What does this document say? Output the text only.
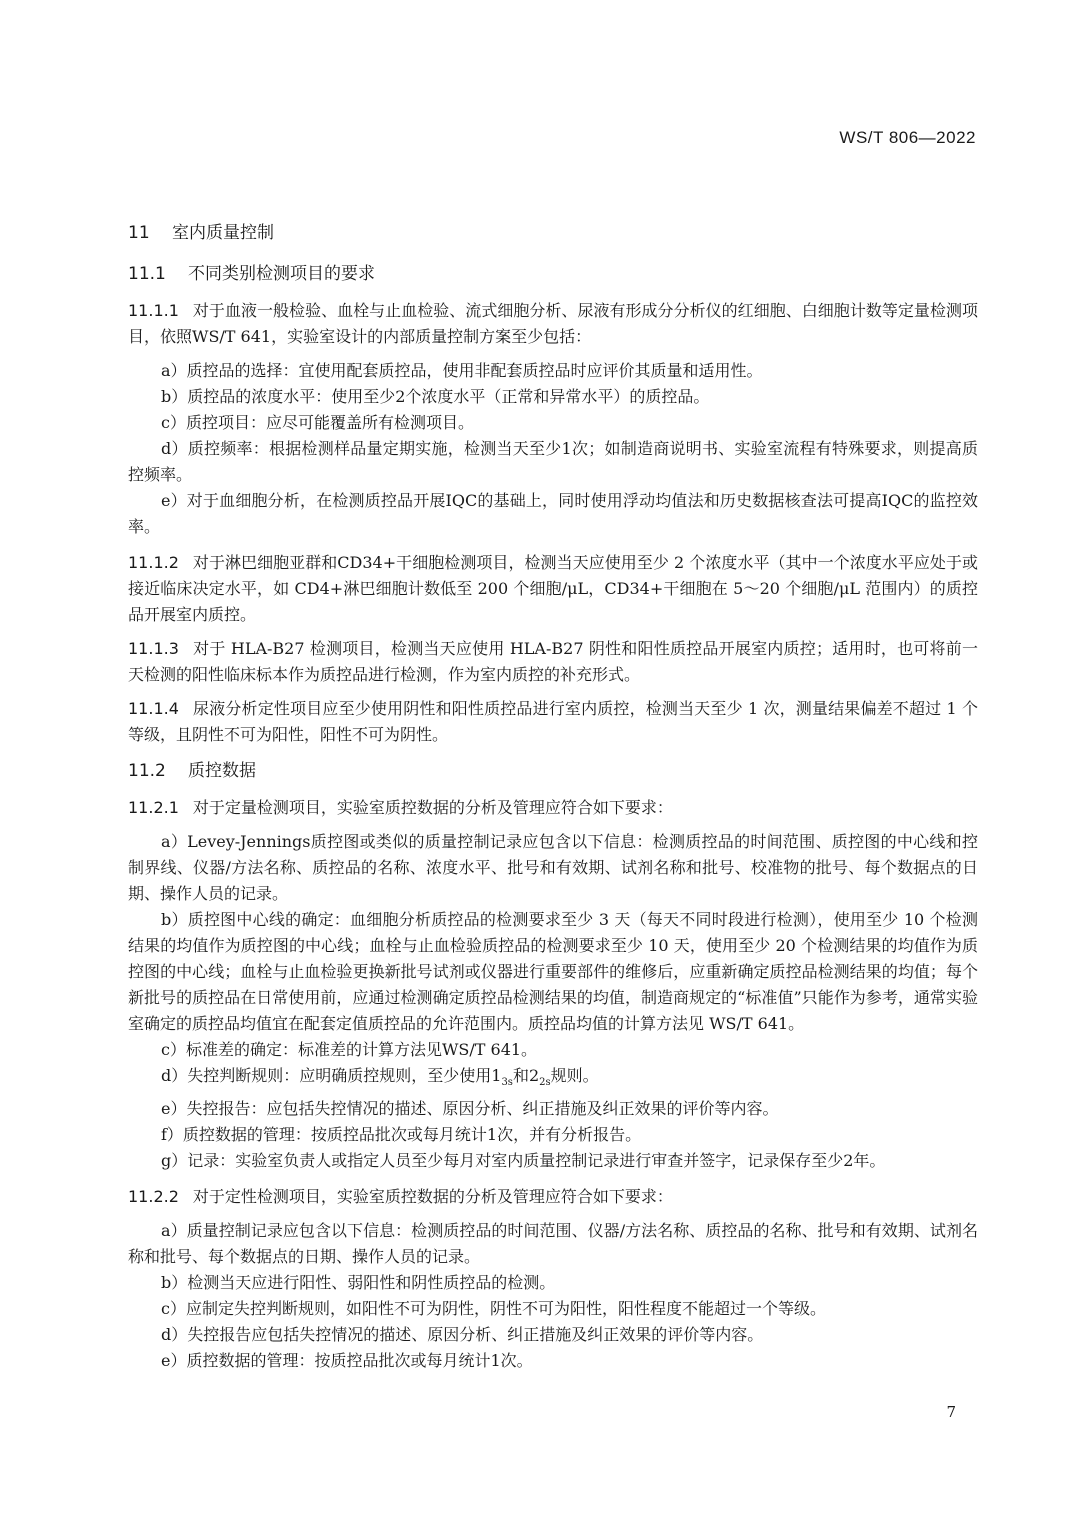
WS/T 806—2022
11 室内质量控制
11.1 不同类别检测项目的要求

11.1.1 对于血液一般检验、血栓与止血检验、流式细胞分析、尿液有形成分分析仪的红细胞、白细胞计数等定量检测项目，依照WS/T 641，实验室设计的内部质量控制方案至少包括：

a）质控品的选择：宜使用配套质控品，使用非配套质控品时应评价其质量和适用性。

b）质控品的浓度水平：使用至少2个浓度水平（正常和异常水平）的质控品。

c）质控项目：应尽可能覆盖所有检测项目。

d）质控频率：根据检测样品量定期实施，检测当天至少1次；如制造商说明书、实验室流程有特殊要求，则提高质控频率。

e）对于血细胞分析，在检测质控品开展IQC的基础上，同时使用浮动均值法和历史数据核查法可提高IQC的监控效率。

11.1.2 对于淋巴细胞亚群和CD34+干细胞检测项目，检测当天应使用至少 2 个浓度水平（其中一个浓度水平应处于或接近临床决定水平，如 CD4+淋巴细胞计数低至 200 个细胞/μL，CD34+干细胞在 5～20 个细胞/μL 范围内）的质控品开展室内质控。

11.1.3 对于 HLA-B27 检测项目，检测当天应使用 HLA-B27 阴性和阳性质控品开展室内质控；适用时，也可将前一天检测的阳性临床标本作为质控品进行检测，作为室内质控的补充形式。

11.1.4 尿液分析定性项目应至少使用阴性和阳性质控品进行室内质控，检测当天至少 1 次，测量结果偏差不超过 1 个等级，且阴性不可为阳性，阳性不可为阴性。

11.2 质控数据

11.2.1 对于定量检测项目，实验室质控数据的分析及管理应符合如下要求：

a）Levey-Jennings质控图或类似的质量控制记录应包含以下信息：检测质控品的时间范围、质控图的中心线和控制界线、仪器/方法名称、质控品的名称、浓度水平、批号和有效期、试剂名称和批号、校准物的批号、每个数据点的日期、操作人员的记录。

b）质控图中心线的确定：血细胞分析质控品的检测要求至少 3 天（每天不同时段进行检测），使用至少 10 个检测结果的均值作为质控图的中心线；血栓与止血检验质控品的检测要求至少 10 天，使用至少 20 个检测结果的均值作为质控图的中心线；血栓与止血检验更换新批号试剂或仪器进行重要部件的维修后，应重新确定质控品检测结果的均值；每个新批号的质控品在日常使用前，应通过检测确定质控品检测结果的均值，制造商规定的“标准值”只能作为参考，通常实验室确定的质控品均值宜在配套定值质控品的允许范围内。质控品均值的计算方法见 WS/T 641。

c）标准差的确定：标准差的计算方法见WS/T 641。

d）失控判断规则：应明确质控规则，至少使用$1_{3s}$和$2_{2s}$规则。

e）失控报告：应包括失控情况的描述、原因分析、纠正措施及纠正效果的评价等内容。

f）质控数据的管理：按质控品批次或每月统计1次，并有分析报告。

g）记录：实验室负责人或指定人员至少每月对室内质量控制记录进行审查并签字，记录保存至少2年。

11.2.2 对于定性检测项目，实验室质控数据的分析及管理应符合如下要求：

a）质量控制记录应包含以下信息：检测质控品的时间范围、仪器/方法名称、质控品的名称、批号和有效期、试剂名称和批号、每个数据点的日期、操作人员的记录。

b）检测当天应进行阳性、弱阳性和阴性质控品的检测。

c）应制定失控判断规则，如阳性不可为阴性，阴性不可为阳性，阳性程度不能超过一个等级。

d）失控报告应包括失控情况的描述、原因分析、纠正措施及纠正效果的评价等内容。

e）质控数据的管理：按质控品批次或每月统计1次。

7
